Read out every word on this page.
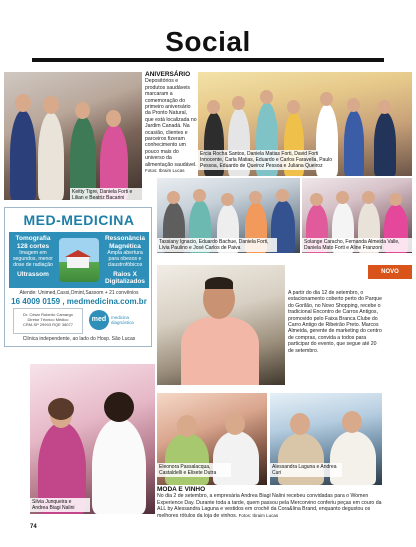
Social
Keitty Tigre, Daniela Forti e Lilian e Beatriz Bacarini
ANIVERSÁRIO
Depositórios e produtos saudáveis marcaram a comemoração do primeiro aniversário da Pronto Natural, que está localizada no Jardim Canadá. Na ocasião, clientes e parceiros fizeram conhecimento um pouco mais do universo da alimentação saudável.
Fotos: Ibraim Lucas
Ercia Rocha Santos, Daniela Matias Forti, David Forti Innocente, Carla Matias, Eduardo e Carlos Faravella, Paulo Pessoa, Eduardo de Queiroz Pessoa e Juliana Queiroz
Tassiany Ignacio, Eduardo Bachue, Daniela Forti, Lívia Paulino e José Carlos de Paiva
Solange Caracho, Fernanda Almeida Valle, Daniela Mato Forti e Aline Franzoni
MED-MEDICINA
Tomografia 128 cortes
Imagem em segundos, menor dose de radiação
Ultrassom
Ressonância Magnética
Ampla abertura para obesos e claustrofóbicos
Raios X Digitalizados
Atende: Unimed,Cassi,Omint,Sassom + 21 convênios
16 4009 0159 , medmedicina.com.br
Dr. César Roberto Camargo
Diretor Técnico Médico
CRM-SP 29993 RQE 38077
med	medicina diagnóstica
Clínica independente, ao lado do Hosp. São Lucas
A partir do dia 12 de setembro, o estacionamento coberto perto do Parque do Gorilão, no Novo Shopping, recebe o tradicional Encontro de Carros Antigos, promovido pelo Faixa Branca Clube do Carro Antigo de Ribeirão Preto. Marcos Almeida, gerente de marketing do centro de compras, convida a todos para participar do evento, que segue até 20 de setembro.
NOVO
Silvia Junqueira e Andrea Biagi Nalini
Eleonora Passalacqua, Castaldelli e Elisete Dutra
Alessandra Laguna e Andrea Curi
MODA E VINHO
No dia 2 de setembro, a empresária Andrea Biagi Nalini recebeu convidadas para o Women Experience Day. Durante toda a tarde, quem passou pela Mercorvino conferiu peças em couro da ALL by Alessandra Laguna e vestidos em crochê da Cora&lina Brand, enquanto degustou os melhores rótulos da loja de vinhos. Fotos: Ibraim Lucas
74
